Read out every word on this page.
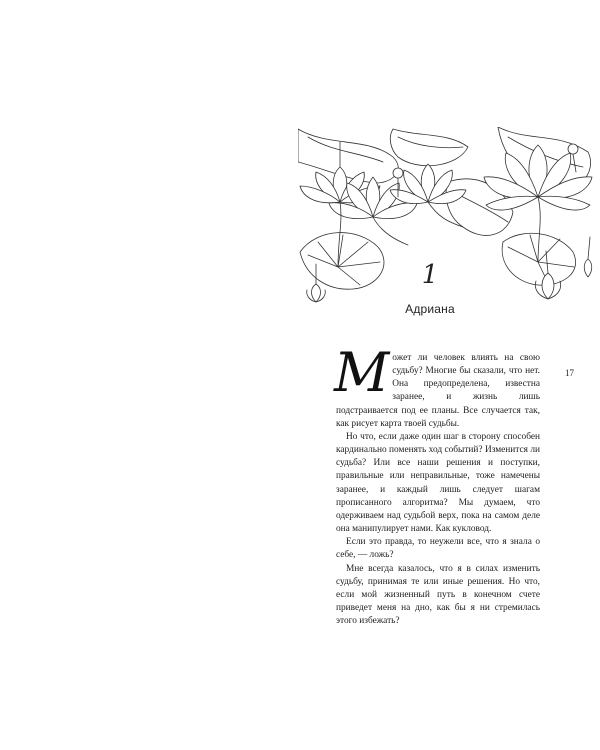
1
Адриана
17

Может ли человек влиять на свою судьбу? Многие бы сказали, что нет. Она предопределена, известна заранее, и жизнь лишь подстраивается под ее планы. Все случается так, как рисует карта твоей судьбы.

Но что, если даже один шаг в сторону способен кардинально поменять ход событий? Изменится ли судьба? Или все наши решения и поступки, правильные или неправильные, тоже намечены заранее, и каждый лишь следует шагам прописанного алгоритма? Мы думаем, что одерживаем над судьбой верх, пока на самом деле она манипулирует нами. Как кукловод.

Если это правда, то неужели все, что я знала о себе, — ложь?

Мне всегда казалось, что я в силах изменить судьбу, принимая те или иные решения. Но что, если мой жизненный путь в конечном счете приведет меня на дно, как бы я ни стремилась этого избежать?
